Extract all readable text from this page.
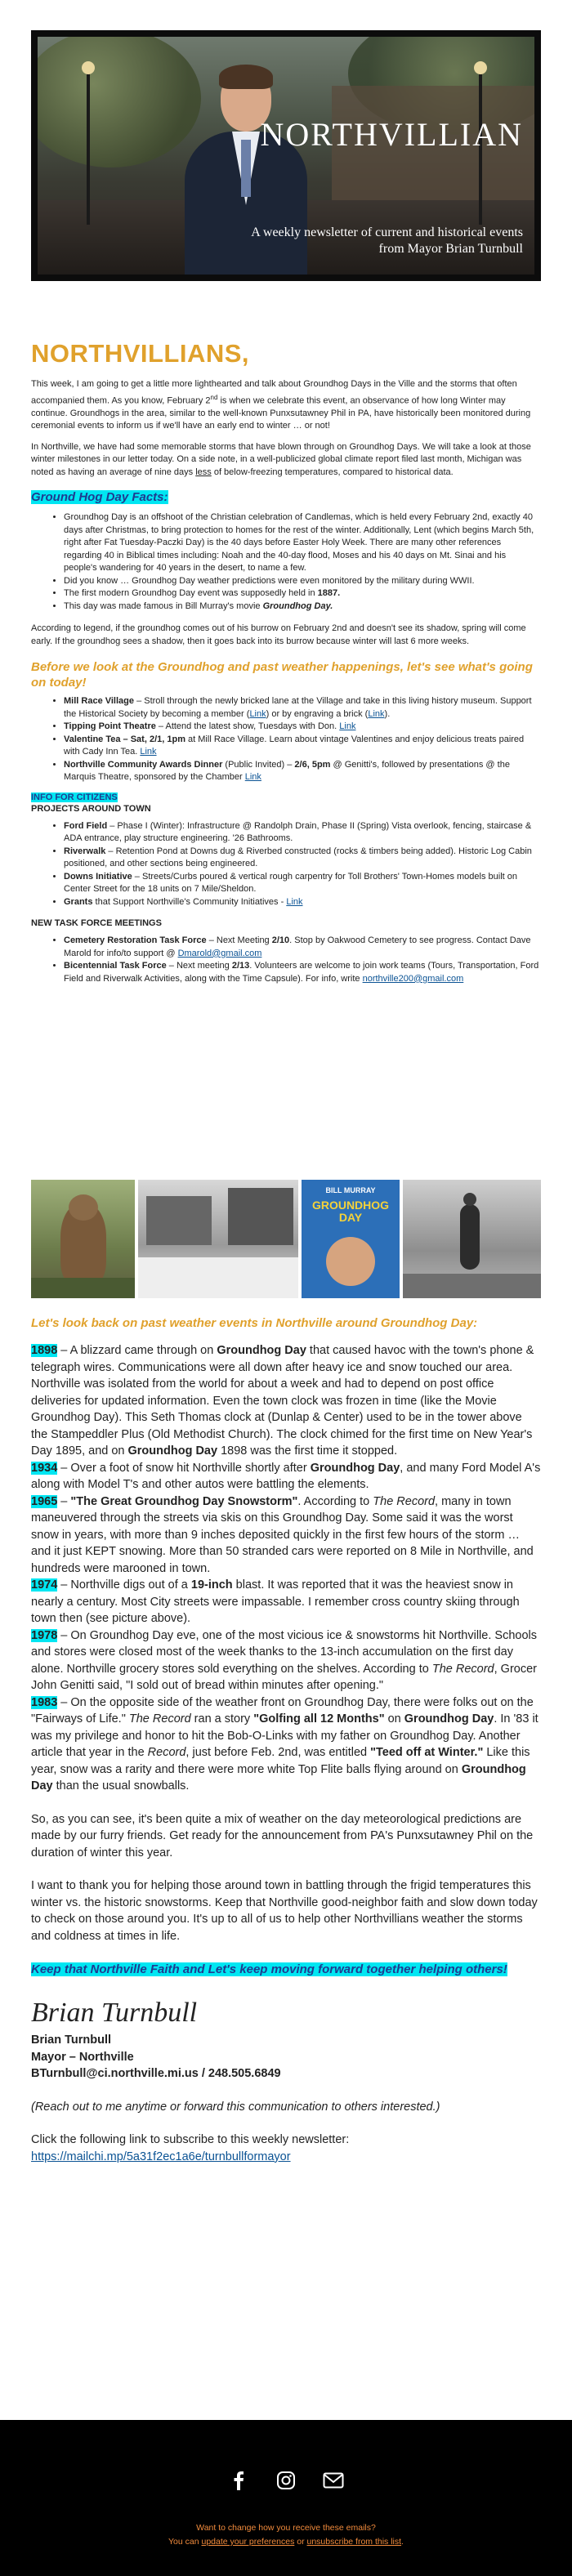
NORTHVILLIAN
A weekly newsletter of current and historical events from Mayor Brian Turnbull
NORTHVILLIANS,

This week, I am going to get a little more lighthearted and talk about Groundhog Days in the Ville and the storms that often accompanied them. As you know, February 2nd is when we celebrate this event, an observance of how long Winter may continue. Groundhogs in the area, similar to the well-known Punxsutawney Phil in PA, have historically been monitored during ceremonial events to inform us if we'll have an early end to winter … or not!

In Northville, we have had some memorable storms that have blown through on Groundhog Days. We will take a look at those winter milestones in our letter today. On a side note, in a well-publicized global climate report filed last month, Michigan was noted as having an average of nine days less of below-freezing temperatures, compared to historical data.

Ground Hog Day Facts:
• Groundhog Day is an offshoot of the Christian celebration of Candlemas, which is held every February 2nd, exactly 40 days after Christmas, to bring protection to homes for the rest of the winter. Additionally, Lent (which begins March 5th, right after Fat Tuesday-Paczki Day) is the 40 days before Easter Holy Week. There are many other references regarding 40 in Biblical times including: Noah and the 40-day flood, Moses and his 40 days on Mt. Sinai and his people's wandering for 40 years in the desert, to name a few.
• Did you know … Groundhog Day weather predictions were even monitored by the military during WWII.
• The first modern Groundhog Day event was supposedly held in 1887.
• This day was made famous in Bill Murray's movie Groundhog Day.

According to legend, if the groundhog comes out of his burrow on February 2nd and doesn't see its shadow, spring will come early. If the groundhog sees a shadow, then it goes back into its burrow because winter will last 6 more weeks.

Before we look at the Groundhog and past weather happenings, let's see what's going on today!
• Mill Race Village – Stroll through the newly bricked lane at the Village and take in this living history museum. Support the Historical Society by becoming a member (Link) or by engraving a brick (Link).
• Tipping Point Theatre – Attend the latest show, Tuesdays with Don. Link
• Valentine Tea – Sat, 2/1, 1pm at Mill Race Village. Learn about vintage Valentines and enjoy delicious treats paired with Cady Inn Tea. Link
• Northville Community Awards Dinner (Public Invited) – 2/6, 5pm @ Genitti's, followed by presentations @ the Marquis Theatre, sponsored by the Chamber Link
INFO FOR CITIZENS
PROJECTS AROUND TOWN
• Ford Field – Phase I (Winter): Infrastructure @ Randolph Drain, Phase II (Spring) Vista overlook, fencing, staircase & ADA entrance, play structure engineering. '26 Bathrooms.
• Riverwalk – Retention Pond at Downs dug & Riverbed constructed (rocks & timbers being added). Historic Log Cabin positioned, and other sections being engineered.
• Downs Initiative – Streets/Curbs poured & vertical rough carpentry for Toll Brothers' Town-Homes models built on Center Street for the 18 units on 7 Mile/Sheldon.
• Grants that Support Northville's Community Initiatives - Link
NEW TASK FORCE MEETINGS
• Cemetery Restoration Task Force – Next Meeting 2/10. Stop by Oakwood Cemetery to see progress. Contact Dave Marold for info/to support @ Dmarold@gmail.com
• Bicentennial Task Force – Next meeting 2/13. Volunteers are welcome to join work teams (Tours, Transportation, Ford Field and Riverwalk Activities, along with the Time Capsule). For info, write northville200@gmail.com
BILL MURRAY
GROUNDHOG DAY
Let's look back on past weather events in Northville around Groundhog Day:

1898 – A blizzard came through on Groundhog Day that caused havoc with the town's phone & telegraph wires. Communications were all down after heavy ice and snow touched our area. Northville was isolated from the world for about a week and had to depend on post office deliveries for updated information. Even the town clock was frozen in time (like the Movie Groundhog Day). This Seth Thomas clock at (Dunlap & Center) used to be in the tower above the Stampeddler Plus (Old Methodist Church). The clock chimed for the first time on New Year's Day 1895, and on Groundhog Day 1898 was the first time it stopped.

1934 – Over a foot of snow hit Northville shortly after Groundhog Day, and many Ford Model A's along with Model T's and other autos were battling the elements.

1965 – "The Great Groundhog Day Snowstorm". According to The Record, many in town maneuvered through the streets via skis on this Groundhog Day. Some said it was the worst snow in years, with more than 9 inches deposited quickly in the first few hours of the storm … and it just KEPT snowing. More than 50 stranded cars were reported on 8 Mile in Northville, and hundreds were marooned in town.

1974 – Northville digs out of a 19-inch blast. It was reported that it was the heaviest snow in nearly a century. Most City streets were impassable. I remember cross country skiing through town then (see picture above).

1978 – On Groundhog Day eve, one of the most vicious ice & snowstorms hit Northville. Schools and stores were closed most of the week thanks to the 13-inch accumulation on the first day alone. Northville grocery stores sold everything on the shelves. According to The Record, Grocer John Genitti said, "I sold out of bread within minutes after opening."

1983 – On the opposite side of the weather front on Groundhog Day, there were folks out on the "Fairways of Life." The Record ran a story "Golfing all 12 Months" on Groundhog Day. In '83 it was my privilege and honor to hit the Bob-O-Links with my father on Groundhog Day. Another article that year in the Record, just before Feb. 2nd, was entitled "Teed off at Winter." Like this year, snow was a rarity and there were more white Top Flite balls flying around on Groundhog Day than the usual snowballs.

So, as you can see, it's been quite a mix of weather on the day meteorological predictions are made by our furry friends. Get ready for the announcement from PA's Punxsutawney Phil on the duration of winter this year.

I want to thank you for helping those around town in battling through the frigid temperatures this winter vs. the historic snowstorms. Keep that Northville good-neighbor faith and slow down today to check on those around you. It's up to all of us to help other Northvillians weather the storms and coldness at times in life.

Keep that Northville Faith and Let's keep moving forward together helping others!

Brian Turnbull
Brian Turnbull
Mayor – Northville
BTurnbull@ci.northville.mi.us / 248.505.6849

(Reach out to me anytime or forward this communication to others interested.)

Click the following link to subscribe to this weekly newsletter:

https://mailchi.mp/5a31f2ec1a6e/turnbullformayor

Want to change how you receive these emails?
You can update your preferences or unsubscribe from this list.
